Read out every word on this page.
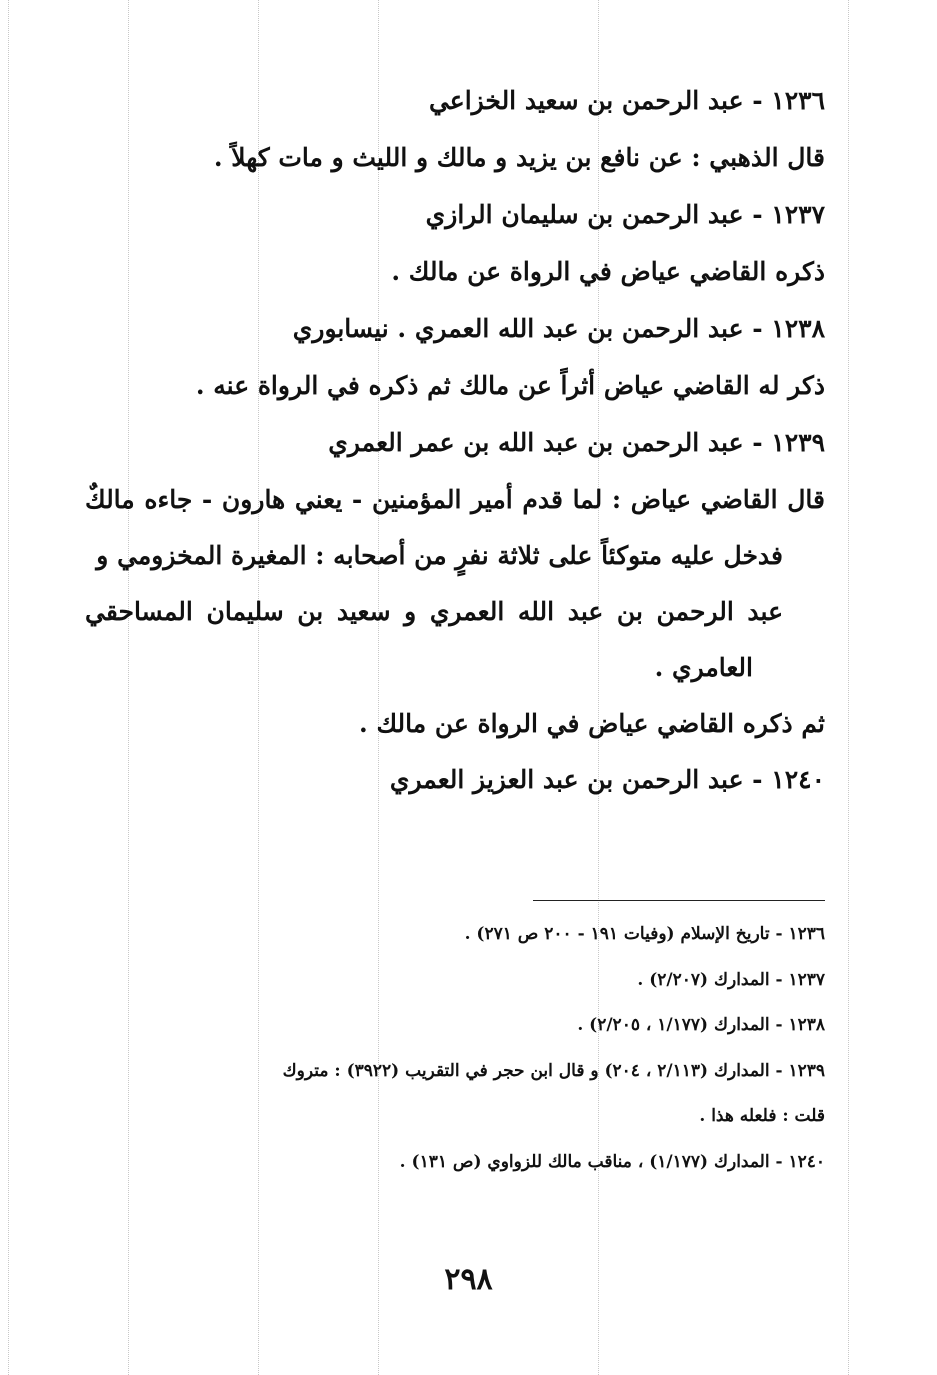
١٢٣٦ - عبد الرحمن بن سعيد الخزاعي
قال الذهبي : عن نافع بن يزيد و مالك و الليث و مات كهلاً .
١٢٣٧ - عبد الرحمن بن سليمان الرازي
ذكره القاضي عياض في الرواة عن مالك .
١٢٣٨ - عبد الرحمن بن عبد الله العمري . نيسابوري
ذكر له القاضي عياض أثراً عن مالك ثم ذكره في الرواة عنه .
١٢٣٩ - عبد الرحمن بن عبد الله بن عمر العمري
قال القاضي عياض : لما قدم أمير المؤمنين - يعني هارون - جاءه مالكٌ
فدخل عليه متوكئاً على ثلاثة نفرٍ من أصحابه : المغيرة المخزومي و
عبد الرحمن بن عبد الله العمري و سعيد بن سليمان المساحقي
العامري .
ثم ذكره القاضي عياض في الرواة عن مالك .
١٢٤٠ - عبد الرحمن بن عبد العزيز العمري
١٢٣٦ - تاريخ الإسلام (وفيات ١٩١ - ٢٠٠ ص ٢٧١) .
١٢٣٧ - المدارك (٢/٢٠٧) .
١٢٣٨ - المدارك (١/١٧٧ ، ٢/٢٠٥) .
١٢٣٩ - المدارك (٢/١١٣ ، ٢٠٤) و قال ابن حجر في التقريب (٣٩٢٢) : متروك
قلت : فلعله هذا .
١٢٤٠ - المدارك (١/١٧٧) ، مناقب مالك للزواوي (ص ١٣١) .
٢٩٨
